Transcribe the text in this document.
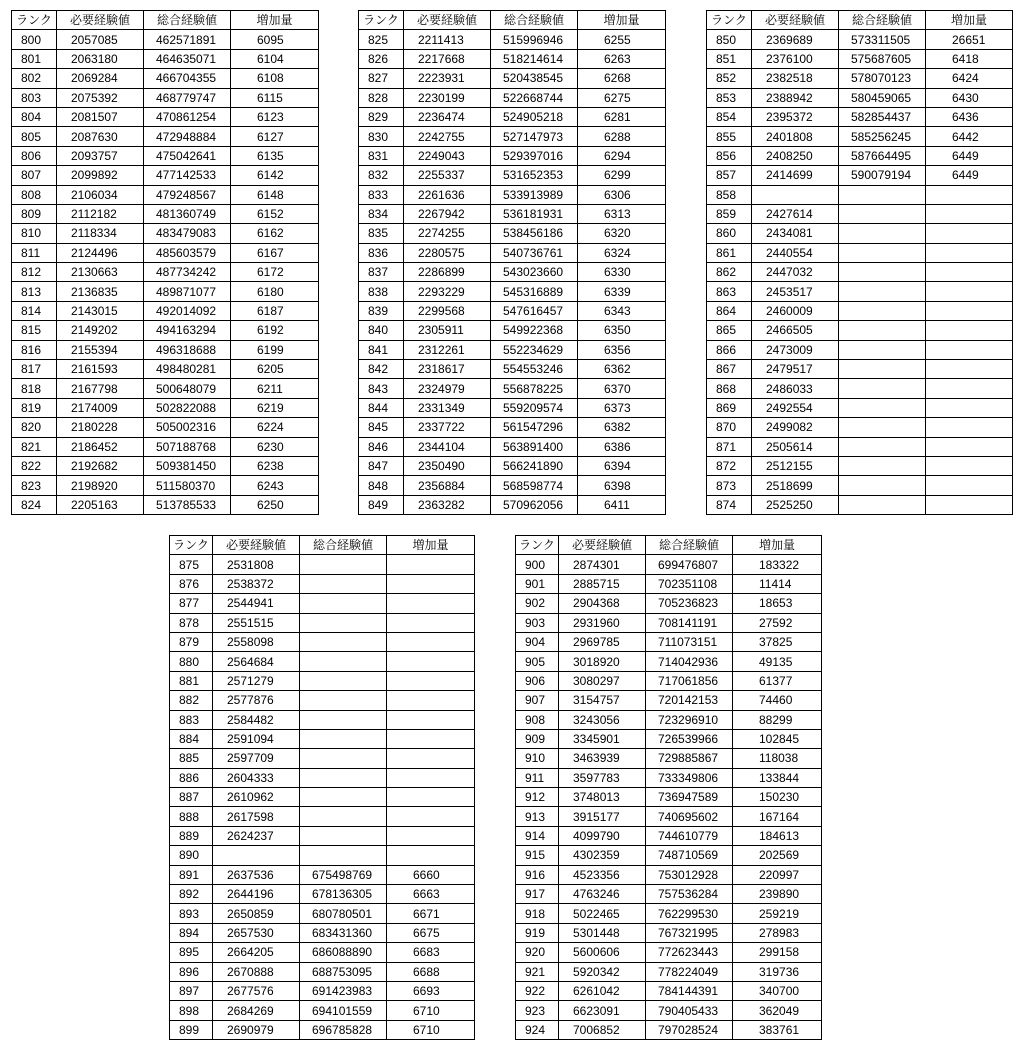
ランク	必要経験値	総合経験値	増加量
800	2057085	462571891	6095
801	2063180	464635071	6104
802	2069284	466704355	6108
803	2075392	468779747	6115
804	2081507	470861254	6123
805	2087630	472948884	6127
806	2093757	475042641	6135
807	2099892	477142533	6142
808	2106034	479248567	6148
809	2112182	481360749	6152
810	2118334	483479083	6162
811	2124496	485603579	6167
812	2130663	487734242	6172
813	2136835	489871077	6180
814	2143015	492014092	6187
815	2149202	494163294	6192
816	2155394	496318688	6199
817	2161593	498480281	6205
818	2167798	500648079	6211
819	2174009	502822088	6219
820	2180228	505002316	6224
821	2186452	507188768	6230
822	2192682	509381450	6238
823	2198920	511580370	6243
824	2205163	513785533	6250
ランク	必要経験値	総合経験値	増加量
825	2211413	515996946	6255
826	2217668	518214614	6263
827	2223931	520438545	6268
828	2230199	522668744	6275
829	2236474	524905218	6281
830	2242755	527147973	6288
831	2249043	529397016	6294
832	2255337	531652353	6299
833	2261636	533913989	6306
834	2267942	536181931	6313
835	2274255	538456186	6320
836	2280575	540736761	6324
837	2286899	543023660	6330
838	2293229	545316889	6339
839	2299568	547616457	6343
840	2305911	549922368	6350
841	2312261	552234629	6356
842	2318617	554553246	6362
843	2324979	556878225	6370
844	2331349	559209574	6373
845	2337722	561547296	6382
846	2344104	563891400	6386
847	2350490	566241890	6394
848	2356884	568598774	6398
849	2363282	570962056	6411
ランク	必要経験値	総合経験値	増加量
850	2369689	573311505	26651
851	2376100	575687605	6418
852	2382518	578070123	6424
853	2388942	580459065	6430
854	2395372	582854437	6436
855	2401808	585256245	6442
856	2408250	587664495	6449
857	2414699	590079194	6449
858			
859	2427614		
860	2434081		
861	2440554		
862	2447032		
863	2453517		
864	2460009		
865	2466505		
866	2473009		
867	2479517		
868	2486033		
869	2492554		
870	2499082		
871	2505614		
872	2512155		
873	2518699		
874	2525250		
ランク	必要経験値	総合経験値	増加量
875	2531808		
876	2538372		
877	2544941		
878	2551515		
879	2558098		
880	2564684		
881	2571279		
882	2577876		
883	2584482		
884	2591094		
885	2597709		
886	2604333		
887	2610962		
888	2617598		
889	2624237		
890			
891	2637536	675498769	6660
892	2644196	678136305	6663
893	2650859	680780501	6671
894	2657530	683431360	6675
895	2664205	686088890	6683
896	2670888	688753095	6688
897	2677576	691423983	6693
898	2684269	694101559	6710
899	2690979	696785828	6710
ランク	必要経験値	総合経験値	増加量
900	2874301	699476807	183322
901	2885715	702351108	11414
902	2904368	705236823	18653
903	2931960	708141191	27592
904	2969785	711073151	37825
905	3018920	714042936	49135
906	3080297	717061856	61377
907	3154757	720142153	74460
908	3243056	723296910	88299
909	3345901	726539966	102845
910	3463939	729885867	118038
911	3597783	733349806	133844
912	3748013	736947589	150230
913	3915177	740695602	167164
914	4099790	744610779	184613
915	4302359	748710569	202569
916	4523356	753012928	220997
917	4763246	757536284	239890
918	5022465	762299530	259219
919	5301448	767321995	278983
920	5600606	772623443	299158
921	5920342	778224049	319736
922	6261042	784144391	340700
923	6623091	790405433	362049
924	7006852	797028524	383761
